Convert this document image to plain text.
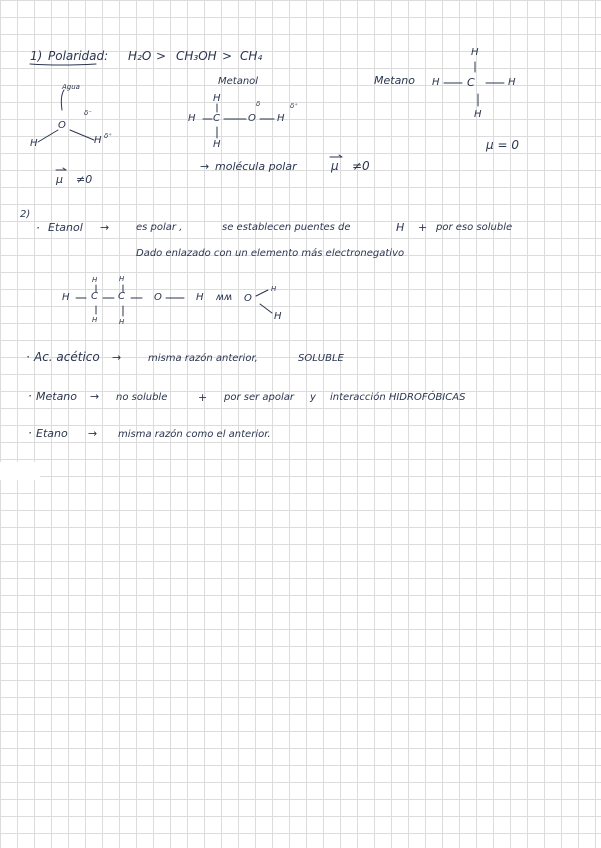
1) Polaridad: H₂O > CH₃OH > CH₄
Agua
O
δ⁻
H	H δ⁺
μ ≠0
Metanol
H
H C
δ
O H
δ⁺
H
→ molécula polar	μ ≠0
Metano
H
H C	H
H
μ = 0
2)
· Etanol →	es polar ,	se establecen puentes de	H + por eso soluble
Dado enlazado con un elemento más electronegativo
H	H
H C C	O	H ʍʍ O
H
H
H	H
· Ac. acético →	misma razón anterior,	SOLUBLE
· Metano → no soluble	+ por ser apolar y interacción HIDROFÓBICAS
· Etano → misma razón como el anterior.
